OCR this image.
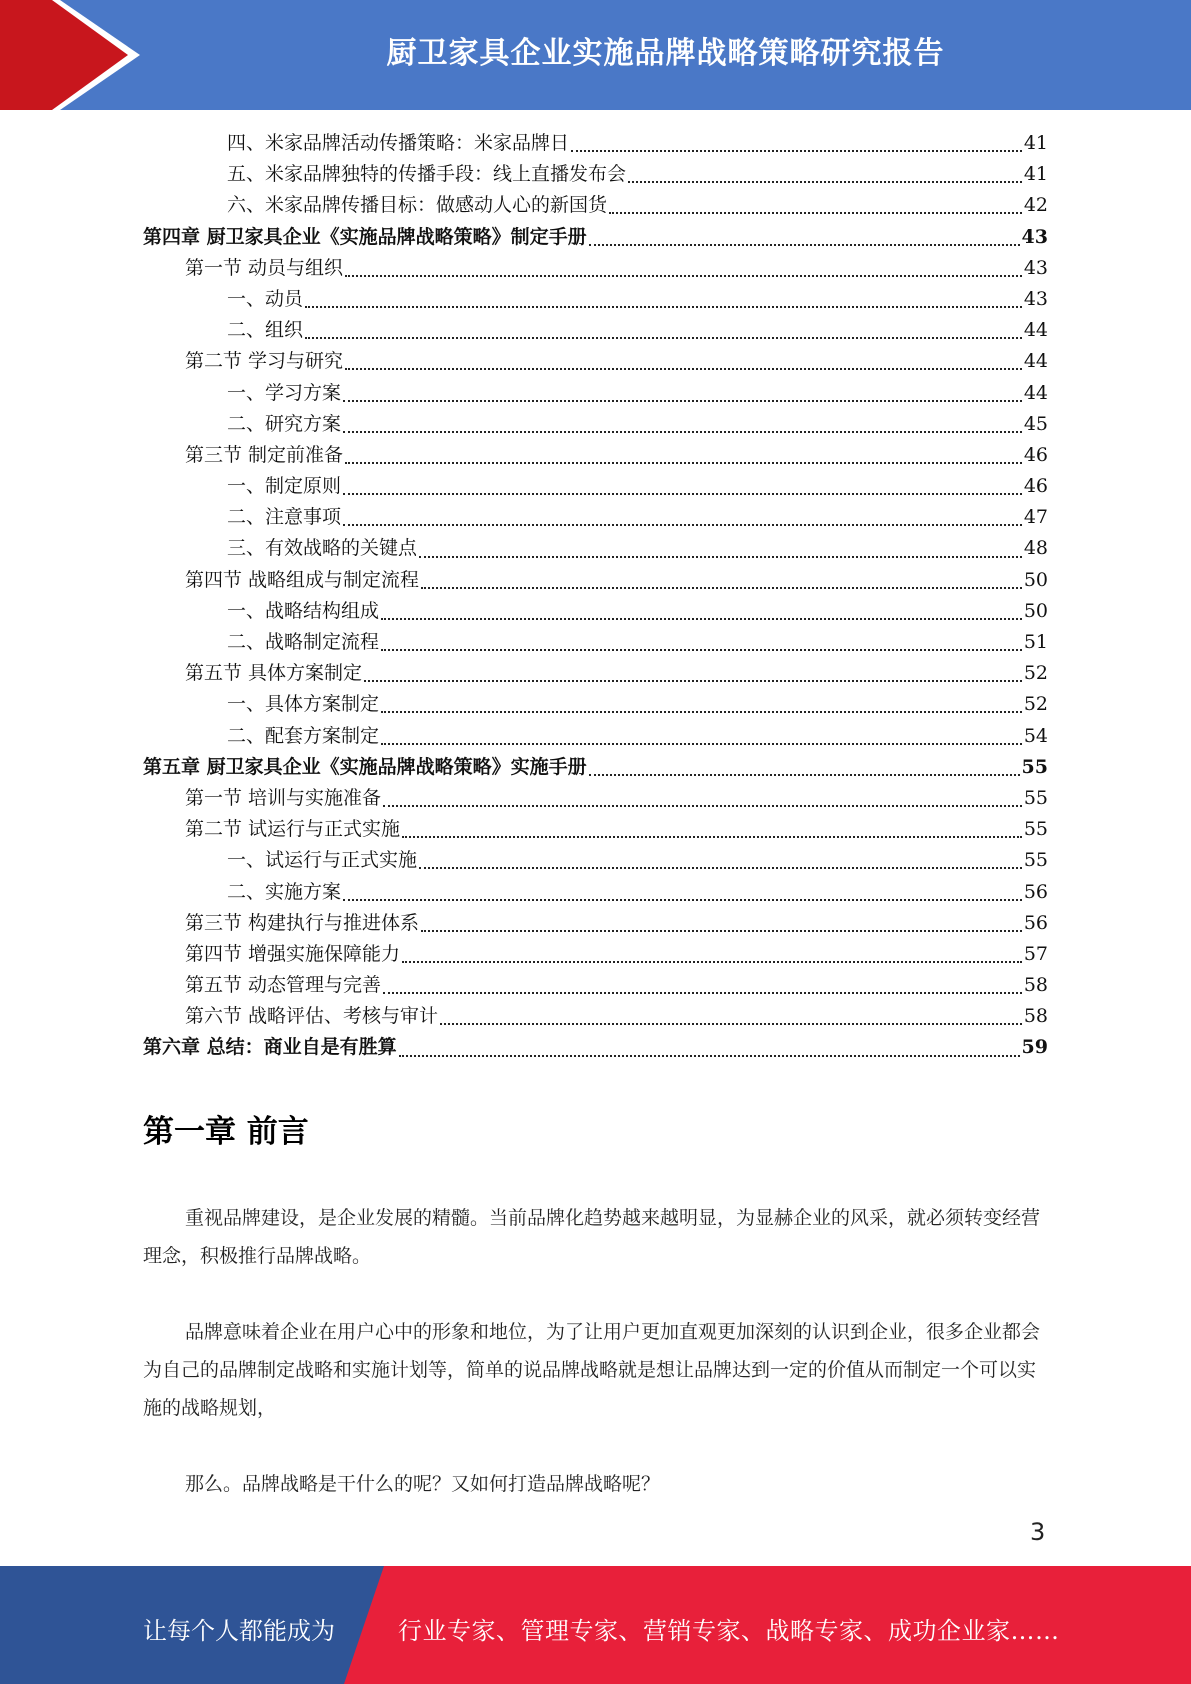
厨卫家具企业实施品牌战略策略研究报告
四、米家品牌活动传播策略：米家品牌日	41
五、米家品牌独特的传播手段：线上直播发布会	41
六、米家品牌传播目标：做感动人心的新国货	42
第四章 厨卫家具企业《实施品牌战略策略》制定手册	43
第一节 动员与组织	43
一、动员	43
二、组织	44
第二节 学习与研究	44
一、学习方案	44
二、研究方案	45
第三节 制定前准备	46
一、制定原则	46
二、注意事项	47
三、有效战略的关键点	48
第四节 战略组成与制定流程	50
一、战略结构组成	50
二、战略制定流程	51
第五节 具体方案制定	52
一、具体方案制定	52
二、配套方案制定	54
第五章 厨卫家具企业《实施品牌战略策略》实施手册	55
第一节 培训与实施准备	55
第二节 试运行与正式实施	55
一、试运行与正式实施	55
二、实施方案	56
第三节 构建执行与推进体系	56
第四节 增强实施保障能力	57
第五节 动态管理与完善	58
第六节 战略评估、考核与审计	58
第六章 总结：商业自是有胜算	59
第一章 前言

重视品牌建设，是企业发展的精髓。当前品牌化趋势越来越明显，为显赫企业的风采，就必须转变经营理念，积极推行品牌战略。

品牌意味着企业在用户心中的形象和地位，为了让用户更加直观更加深刻的认识到企业，很多企业都会为自己的品牌制定战略和实施计划等，简单的说品牌战略就是想让品牌达到一定的价值从而制定一个可以实施的战略规划，

那么。品牌战略是干什么的呢？又如何打造品牌战略呢？

3
让每个人都能成为	行业专家、管理专家、营销专家、战略专家、成功企业家……
